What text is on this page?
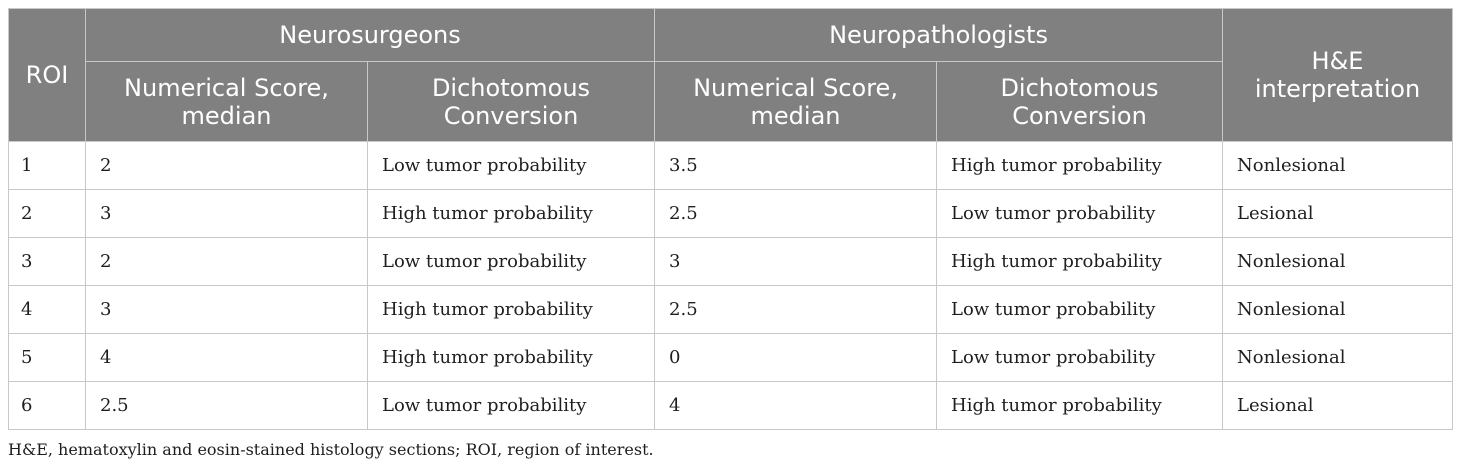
ROI	Neurosurgeons		Neuropathologists		H&E interpretation
	Numerical Score, median	Dichotomous Conversion	Numerical Score, median	Dichotomous Conversion	
1	2	Low tumor probability	3.5	High tumor probability	Nonlesional
2	3	High tumor probability	2.5	Low tumor probability	Lesional
3	2	Low tumor probability	3	High tumor probability	Nonlesional
4	3	High tumor probability	2.5	Low tumor probability	Nonlesional
5	4	High tumor probability	0	Low tumor probability	Nonlesional
6	2.5	Low tumor probability	4	High tumor probability	Lesional
H&E, hematoxylin and eosin-stained histology sections; ROI, region of interest.
